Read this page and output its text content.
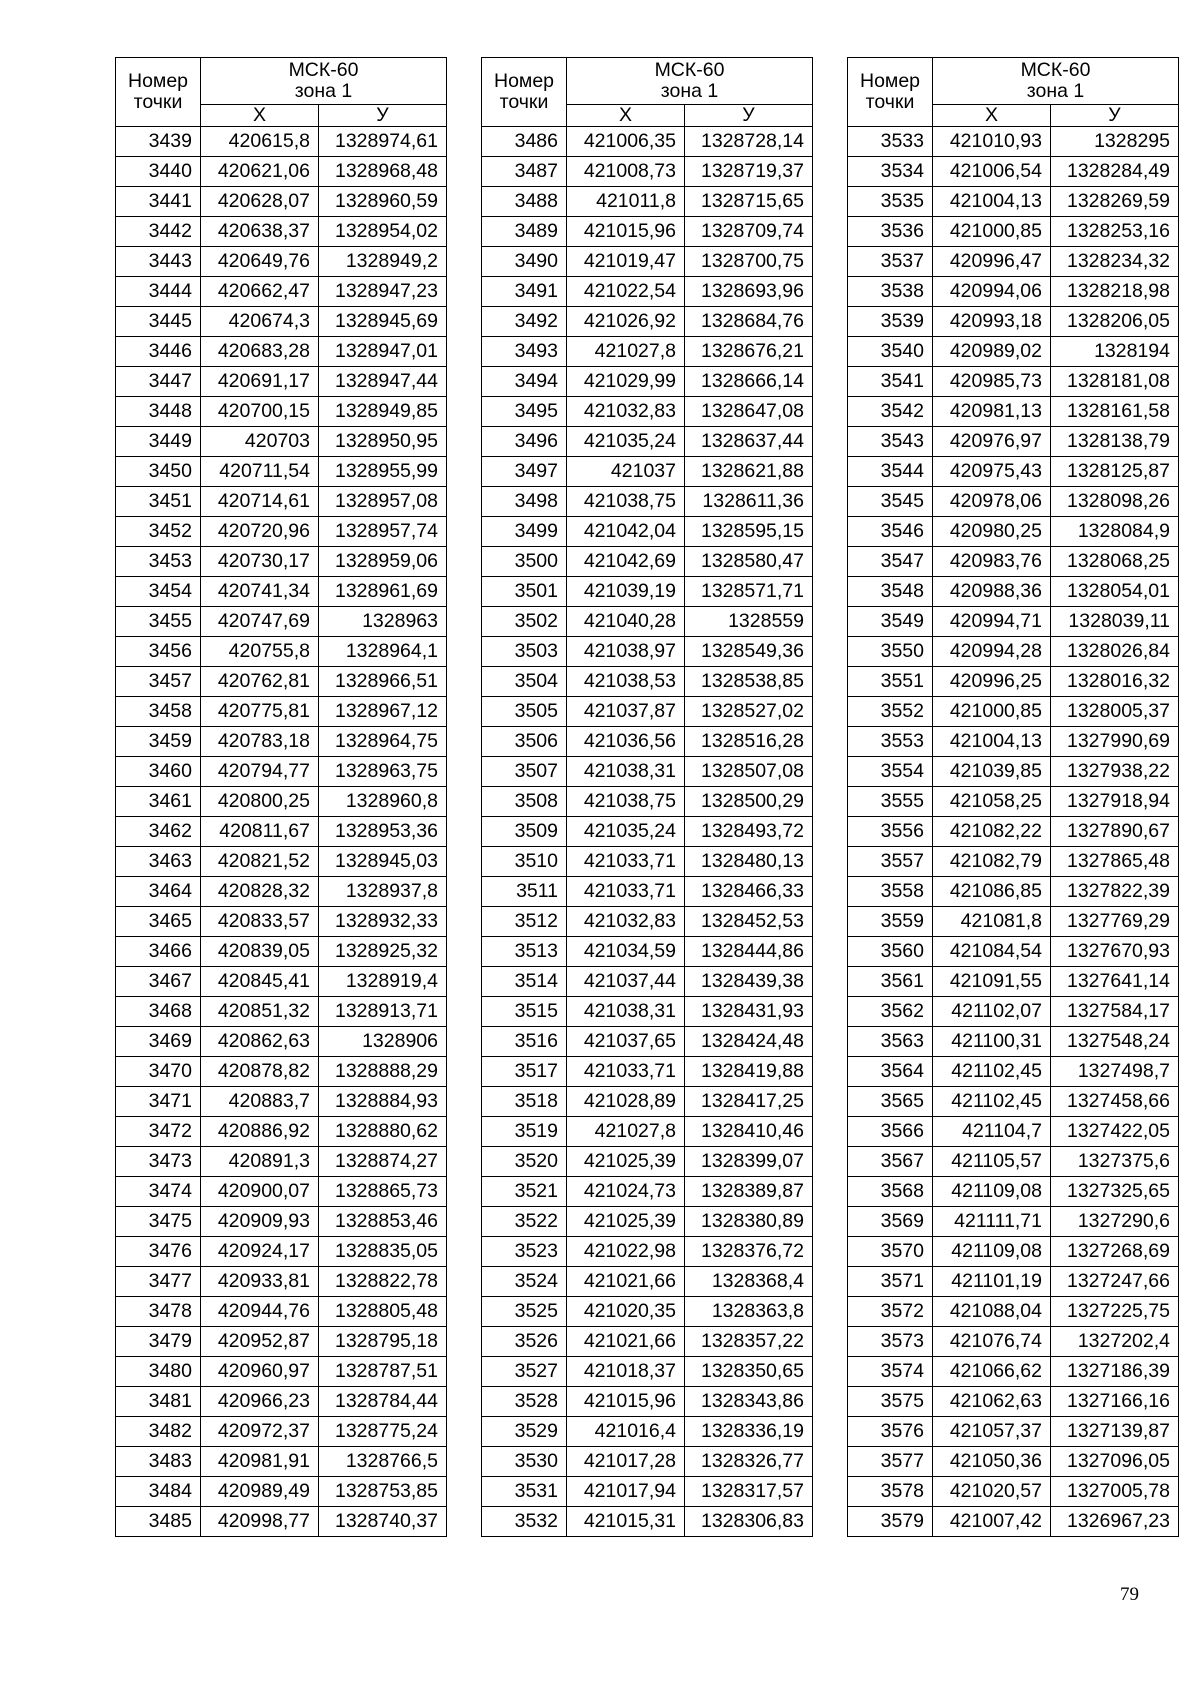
Номер
точки	МСК-60
зона 1	
	Х	У
3439	420615,8	1328974,61
3440	420621,06	1328968,48
3441	420628,07	1328960,59
3442	420638,37	1328954,02
3443	420649,76	1328949,2
3444	420662,47	1328947,23
3445	420674,3	1328945,69
3446	420683,28	1328947,01
3447	420691,17	1328947,44
3448	420700,15	1328949,85
3449	420703	1328950,95
3450	420711,54	1328955,99
3451	420714,61	1328957,08
3452	420720,96	1328957,74
3453	420730,17	1328959,06
3454	420741,34	1328961,69
3455	420747,69	1328963
3456	420755,8	1328964,1
3457	420762,81	1328966,51
3458	420775,81	1328967,12
3459	420783,18	1328964,75
3460	420794,77	1328963,75
3461	420800,25	1328960,8
3462	420811,67	1328953,36
3463	420821,52	1328945,03
3464	420828,32	1328937,8
3465	420833,57	1328932,33
3466	420839,05	1328925,32
3467	420845,41	1328919,4
3468	420851,32	1328913,71
3469	420862,63	1328906
3470	420878,82	1328888,29
3471	420883,7	1328884,93
3472	420886,92	1328880,62
3473	420891,3	1328874,27
3474	420900,07	1328865,73
3475	420909,93	1328853,46
3476	420924,17	1328835,05
3477	420933,81	1328822,78
3478	420944,76	1328805,48
3479	420952,87	1328795,18
3480	420960,97	1328787,51
3481	420966,23	1328784,44
3482	420972,37	1328775,24
3483	420981,91	1328766,5
3484	420989,49	1328753,85
3485	420998,77	1328740,37
Номер
точки	МСК-60
зона 1	
	Х	У
3486	421006,35	1328728,14
3487	421008,73	1328719,37
3488	421011,8	1328715,65
3489	421015,96	1328709,74
3490	421019,47	1328700,75
3491	421022,54	1328693,96
3492	421026,92	1328684,76
3493	421027,8	1328676,21
3494	421029,99	1328666,14
3495	421032,83	1328647,08
3496	421035,24	1328637,44
3497	421037	1328621,88
3498	421038,75	1328611,36
3499	421042,04	1328595,15
3500	421042,69	1328580,47
3501	421039,19	1328571,71
3502	421040,28	1328559
3503	421038,97	1328549,36
3504	421038,53	1328538,85
3505	421037,87	1328527,02
3506	421036,56	1328516,28
3507	421038,31	1328507,08
3508	421038,75	1328500,29
3509	421035,24	1328493,72
3510	421033,71	1328480,13
3511	421033,71	1328466,33
3512	421032,83	1328452,53
3513	421034,59	1328444,86
3514	421037,44	1328439,38
3515	421038,31	1328431,93
3516	421037,65	1328424,48
3517	421033,71	1328419,88
3518	421028,89	1328417,25
3519	421027,8	1328410,46
3520	421025,39	1328399,07
3521	421024,73	1328389,87
3522	421025,39	1328380,89
3523	421022,98	1328376,72
3524	421021,66	1328368,4
3525	421020,35	1328363,8
3526	421021,66	1328357,22
3527	421018,37	1328350,65
3528	421015,96	1328343,86
3529	421016,4	1328336,19
3530	421017,28	1328326,77
3531	421017,94	1328317,57
3532	421015,31	1328306,83
Номер
точки	МСК-60
зона 1	
	Х	У
3533	421010,93	1328295
3534	421006,54	1328284,49
3535	421004,13	1328269,59
3536	421000,85	1328253,16
3537	420996,47	1328234,32
3538	420994,06	1328218,98
3539	420993,18	1328206,05
3540	420989,02	1328194
3541	420985,73	1328181,08
3542	420981,13	1328161,58
3543	420976,97	1328138,79
3544	420975,43	1328125,87
3545	420978,06	1328098,26
3546	420980,25	1328084,9
3547	420983,76	1328068,25
3548	420988,36	1328054,01
3549	420994,71	1328039,11
3550	420994,28	1328026,84
3551	420996,25	1328016,32
3552	421000,85	1328005,37
3553	421004,13	1327990,69
3554	421039,85	1327938,22
3555	421058,25	1327918,94
3556	421082,22	1327890,67
3557	421082,79	1327865,48
3558	421086,85	1327822,39
3559	421081,8	1327769,29
3560	421084,54	1327670,93
3561	421091,55	1327641,14
3562	421102,07	1327584,17
3563	421100,31	1327548,24
3564	421102,45	1327498,7
3565	421102,45	1327458,66
3566	421104,7	1327422,05
3567	421105,57	1327375,6
3568	421109,08	1327325,65
3569	421111,71	1327290,6
3570	421109,08	1327268,69
3571	421101,19	1327247,66
3572	421088,04	1327225,75
3573	421076,74	1327202,4
3574	421066,62	1327186,39
3575	421062,63	1327166,16
3576	421057,37	1327139,87
3577	421050,36	1327096,05
3578	421020,57	1327005,78
3579	421007,42	1326967,23
79
